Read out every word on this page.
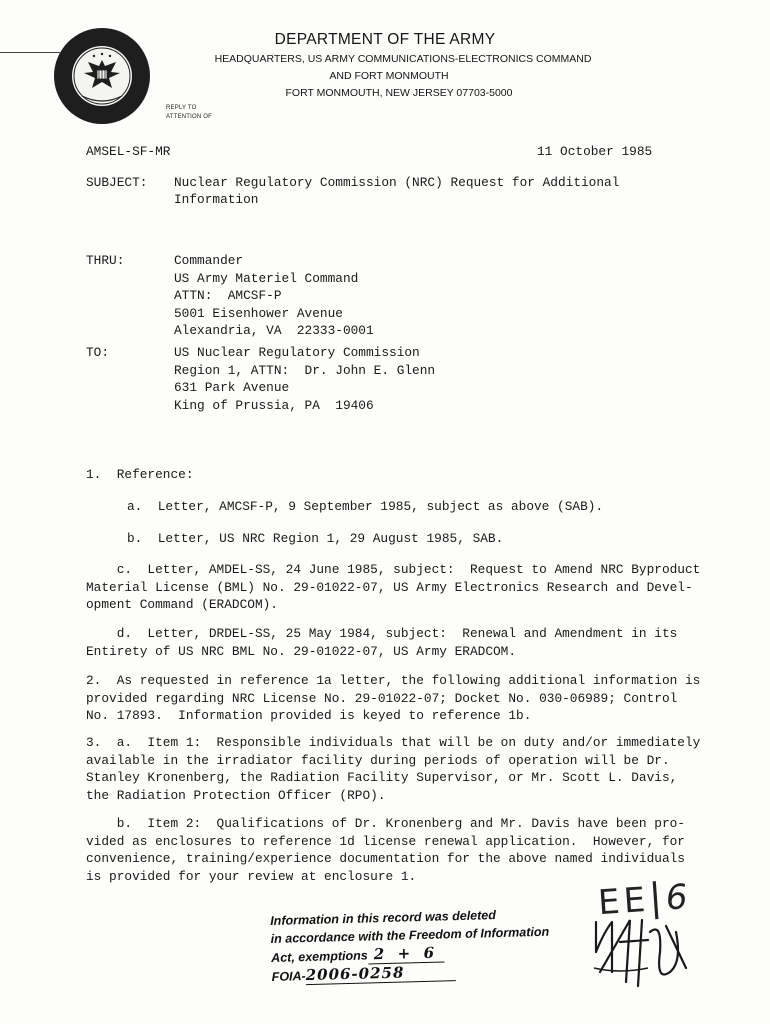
DEPARTMENT OF THE ARMY
HEADQUARTERS, US ARMY COMMUNICATIONS-ELECTRONICS COMMAND
AND FORT MONMOUTH
FORT MONMOUTH, NEW JERSEY 07703-5000
REPLY TO
ATTENTION OF
AMSEL-SF-MR	11 October 1985
SUBJECT: Nuclear Regulatory Commission (NRC) Request for Additional
Information
THRU:	Commander
US Army Materiel Command
ATTN:  AMCSF-P
5001 Eisenhower Avenue
Alexandria, VA  22333-0001
TO:	US Nuclear Regulatory Commission
Region 1, ATTN:  Dr. John E. Glenn
631 Park Avenue
King of Prussia, PA  19406
1.  Reference:
a.  Letter, AMCSF-P, 9 September 1985, subject as above (SAB).
b.  Letter, US NRC Region 1, 29 August 1985, SAB.
c.  Letter, AMDEL-SS, 24 June 1985, subject:  Request to Amend NRC Byproduct
Material License (BML) No. 29-01022-07, US Army Electronics Research and Devel-
opment Command (ERADCOM).
d.  Letter, DRDEL-SS, 25 May 1984, subject:  Renewal and Amendment in its
Entirety of US NRC BML No. 29-01022-07, US Army ERADCOM.
2.  As requested in reference 1a letter, the following additional information is
provided regarding NRC License No. 29-01022-07; Docket No. 030-06989; Control
No. 17893.  Information provided is keyed to reference 1b.
3.  a.  Item 1:  Responsible individuals that will be on duty and/or immediately
available in the irradiator facility during periods of operation will be Dr.
Stanley Kronenberg, the Radiation Facility Supervisor, or Mr. Scott L. Davis,
the Radiation Protection Officer (RPO).
b.  Item 2:  Qualifications of Dr. Kronenberg and Mr. Davis have been pro-
vided as enclosures to reference 1d license renewal application.  However, for
convenience, training/experience documentation for the above named individuals
is provided for your review at enclosure 1.
EE|6
Information in this record was deleted
in accordance with the Freedom of Information
Act, exemptions 2  +  6
FOIA-2006-0258
